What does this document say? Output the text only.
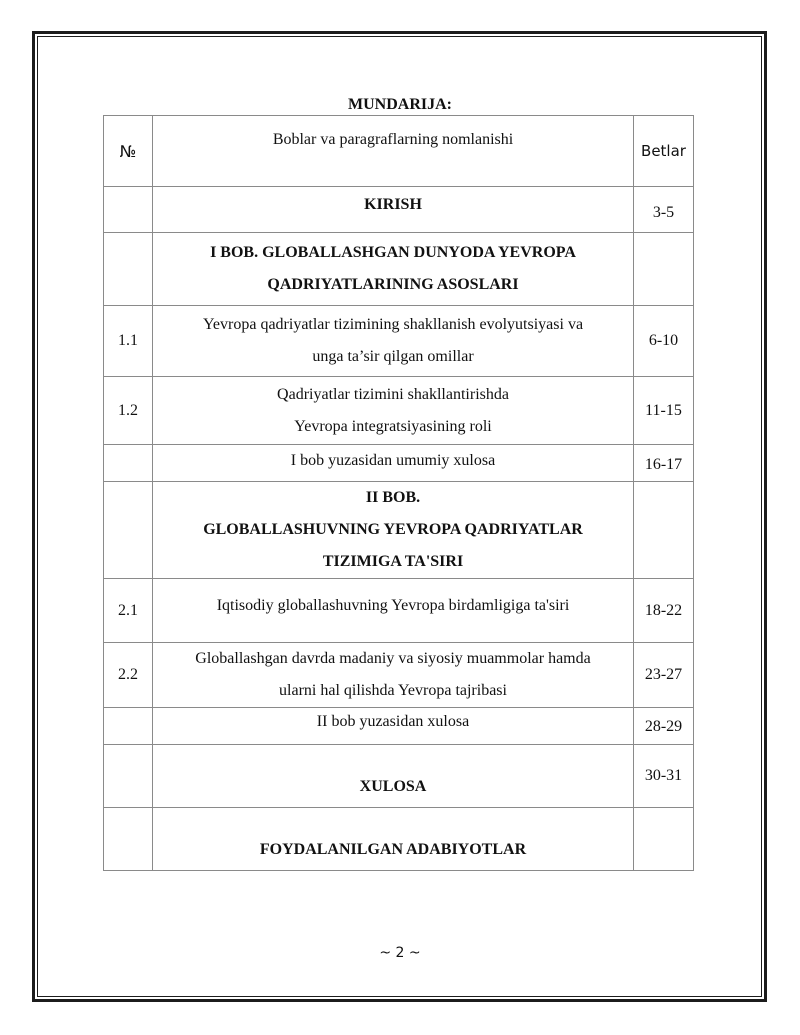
MUNDARIJA:
№	Boblar va paragraflarning nomlanishi	Betlar
	KIRISH	3-5

	I BOB. GLOBALLASHGAN DUNYODA YEVROPA
QADRIYATLARINING ASOSLARI	

1.1	Yevropa qadriyatlar tizimining shakllanish evolyutsiyasi va
unga ta’sir qilgan omillar	6-10
1.2	Qadriyatlar tizimini shakllantirishda
Yevropa integratsiyasining roli	11-15
	I bob yuzasidan umumiy xulosa	16-17

	II BOB.
GLOBALLASHUVNING YEVROPA QADRIYATLAR
TIZIMIGA TA'SIRI	

2.1	Iqtisodiy globallashuvning Yevropa birdamligiga ta'siri	18-22
2.2	Globallashgan davrda madaniy va siyosiy muammolar hamda
ularni hal qilishda Yevropa tajribasi	23-27
	II bob yuzasidan xulosa	28-29
	XULOSA	30-31
	FOYDALANILGAN ADABIYOTLAR	
~ 2 ~
